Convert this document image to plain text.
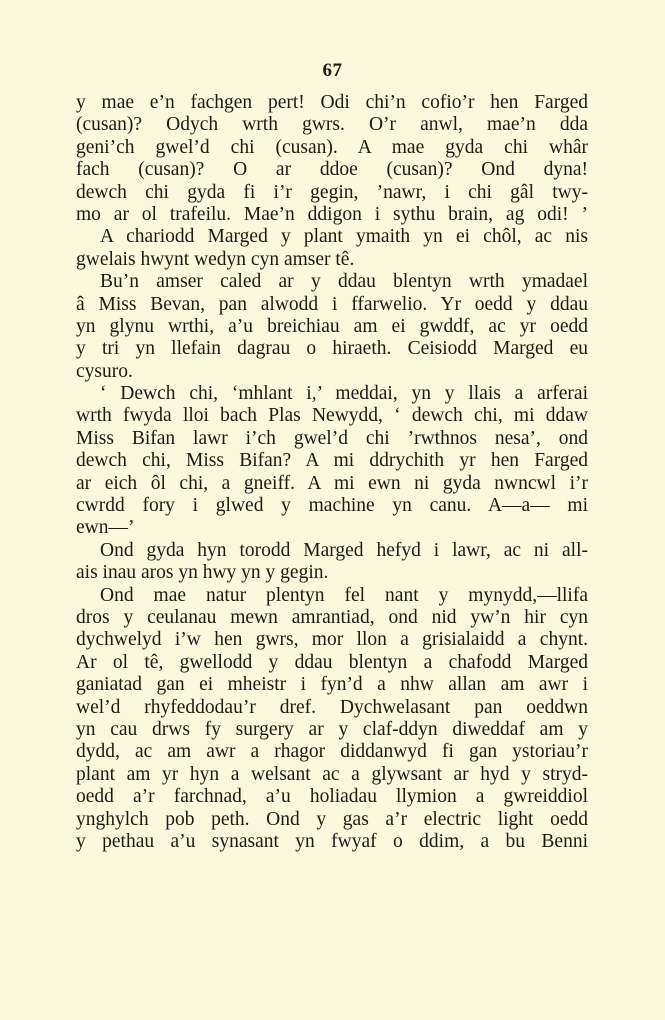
67
y mae e’n fachgen pert! Odi chi’n cofio’r hen Farged
(cusan)? Odych wrth gwrs. O’r anwl, mae’n dda
geni’ch gwel’d chi (cusan). A mae gyda chi whâr
fach (cusan)? O ar ddoe (cusan)? Ond dyna!
dewch chi gyda fi i’r gegin, ’nawr, i chi gâl twy-
mo ar ol trafeilu. Mae’n ddigon i sythu brain, ag odi! ’
A chariodd Marged y plant ymaith yn ei chôl, ac nis
gwelais hwynt wedyn cyn amser tê.
Bu’n amser caled ar y ddau blentyn wrth ymadael
â Miss Bevan, pan alwodd i ffarwelio. Yr oedd y ddau
yn glynu wrthi, a’u breichiau am ei gwddf, ac yr oedd
y tri yn llefain dagrau o hiraeth. Ceisiodd Marged eu
cysuro.
‘ Dewch chi, ‘mhlant i,’ meddai, yn y llais a arferai
wrth fwyda lloi bach Plas Newydd, ‘ dewch chi, mi ddaw
Miss Bifan lawr i’ch gwel’d chi ’rwthnos nesa’, ond
dewch chi, Miss Bifan? A mi ddrychith yr hen Farged
ar eich ôl chi, a gneiff. A mi ewn ni gyda nwncwl i’r
cwrdd fory i glwed y machine yn canu. A—a— mi
ewn—’
Ond gyda hyn torodd Marged hefyd i lawr, ac ni all-
ais inau aros yn hwy yn y gegin.
Ond mae natur plentyn fel nant y mynydd,—llifa
dros y ceulanau mewn amrantiad, ond nid yw’n hir cyn
dychwelyd i’w hen gwrs, mor llon a grisialaidd a chynt.
Ar ol tê, gwellodd y ddau blentyn a chafodd Marged
ganiatad gan ei mheistr i fyn’d a nhw allan am awr i
wel’d rhyfeddodau’r dref. Dychwelasant pan oeddwn
yn cau drws fy surgery ar y claf-ddyn diweddaf am y
dydd, ac am awr a rhagor diddanwyd fi gan ystoriau’r
plant am yr hyn a welsant ac a glywsant ar hyd y stryd-
oedd a’r farchnad, a’u holiadau llymion a gwreiddiol
ynghylch pob peth. Ond y gas a’r electric light oedd
y pethau a’u synasant yn fwyaf o ddim, a bu Benni
